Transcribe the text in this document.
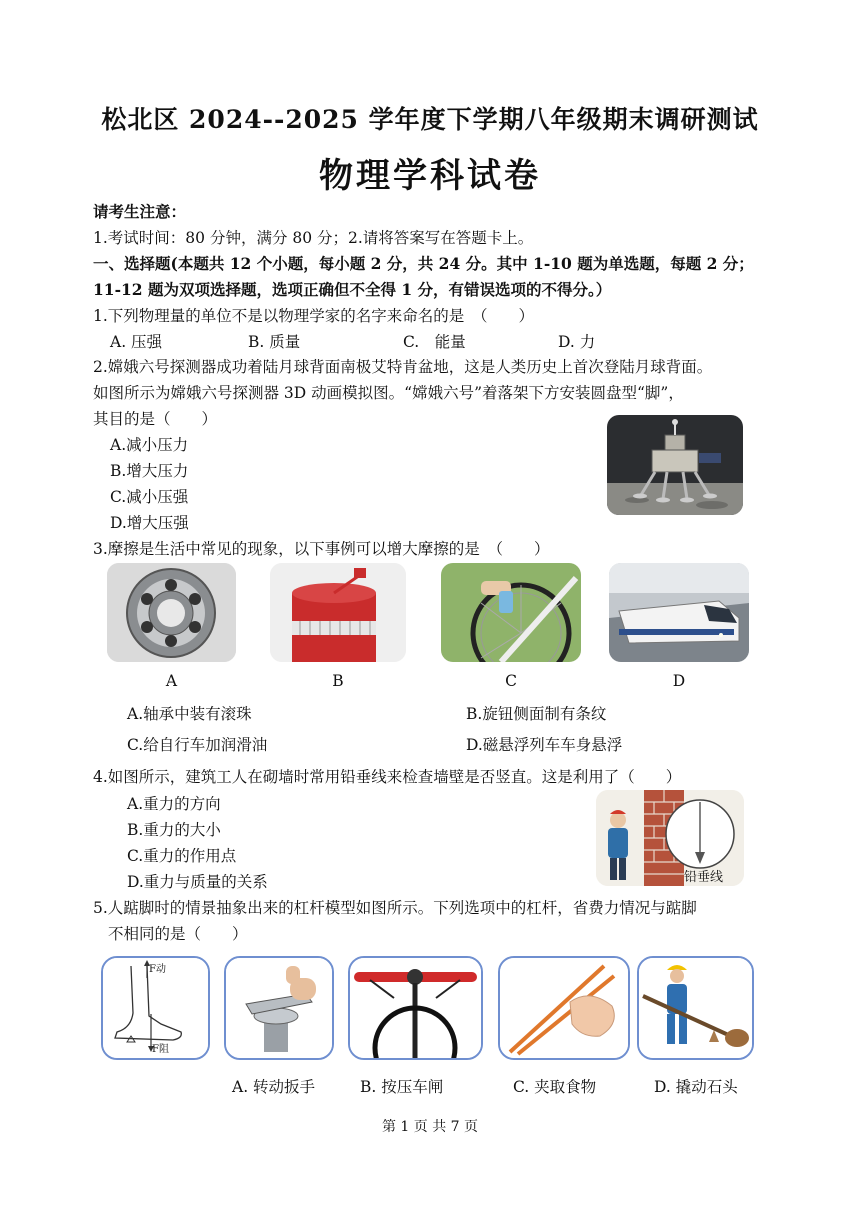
松北区 2024--2025 学年度下学期八年级期末调研测试
物理学科试卷
请考生注意：
1.考试时间：80 分钟，满分 80 分；2.请将答案写在答题卡上。
一、选择题(本题共 12 个小题，每小题 2 分，共 24 分。其中 1-10 题为单选题，每题 2 分；
11-12 题为双项选择题，选项正确但不全得 1 分，有错误选项的不得分。）
1.下列物理量的单位不是以物理学家的名字来命名的是　（　　）
A. 压强	B. 质量	C.　能量	D. 力
2.嫦娥六号探测器成功着陆月球背面南极艾特肯盆地，这是人类历史上首次登陆月球背面。
如图所示为嫦娥六号探测器 3D 动画模拟图。“嫦娥六号”着落架下方安装圆盘型“脚”，
其目的是（　　）
A.减小压力
B.增大压力
C.减小压强
D.增大压强
3.摩擦是生活中常见的现象，以下事例可以增大摩擦的是　（　　）
A	B	C	D
A.轴承中装有滚珠	B.旋钮侧面制有条纹
C.给自行车加润滑油	D.磁悬浮列车车身悬浮
4.如图所示，建筑工人在砌墙时常用铅垂线来检查墙壁是否竖直。这是利用了（　　）
A.重力的方向
B.重力的大小
C.重力的作用点
D.重力与质量的关系	铅垂线
5.人踮脚时的情景抽象出来的杠杆模型如图所示。下列选项中的杠杆，省费力情况与踮脚
不相同的是（　　）
F动
F阻
A. 转动扳手	B. 按压车闸	C. 夹取食物	D. 撬动石头
第 1 页 共 7 页
